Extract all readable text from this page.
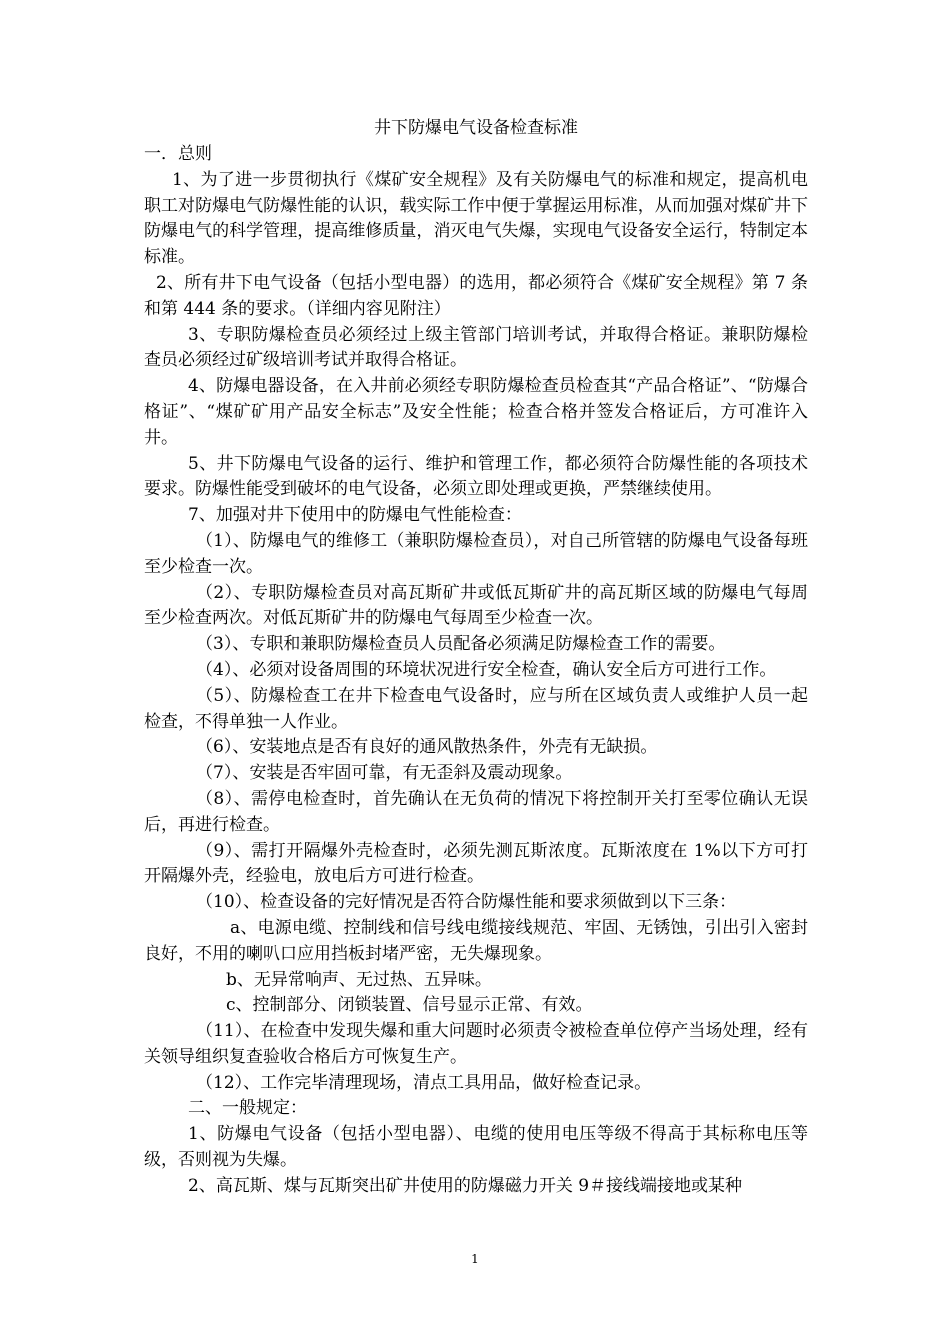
井下防爆电气设备检查标准

一．总则

1、为了进一步贯彻执行《煤矿安全规程》及有关防爆电气的标准和规定，提高机电职工对防爆电气防爆性能的认识，载实际工作中便于掌握运用标准，从而加强对煤矿井下防爆电气的科学管理，提高维修质量，消灭电气失爆，实现电气设备安全运行，特制定本标准。

2、所有井下电气设备（包括小型电器）的选用，都必须符合《煤矿安全规程》第 7 条和第 444 条的要求。（详细内容见附注）

3、专职防爆检查员必须经过上级主管部门培训考试，并取得合格证。兼职防爆检查员必须经过矿级培训考试并取得合格证。

4、防爆电器设备，在入井前必须经专职防爆检查员检查其“产品合格证”、“防爆合格证”、“煤矿矿用产品安全标志”及安全性能；检查合格并签发合格证后，方可准许入井。

5、井下防爆电气设备的运行、维护和管理工作，都必须符合防爆性能的各项技术要求。防爆性能受到破坏的电气设备，必须立即处理或更换，严禁继续使用。

7、加强对井下使用中的防爆电气性能检查：

（1）、防爆电气的维修工（兼职防爆检查员），对自己所管辖的防爆电气设备每班至少检查一次。

（2）、专职防爆检查员对高瓦斯矿井或低瓦斯矿井的高瓦斯区域的防爆电气每周至少检查两次。对低瓦斯矿井的防爆电气每周至少检查一次。

（3）、专职和兼职防爆检查员人员配备必须满足防爆检查工作的需要。

（4）、必须对设备周围的环境状况进行安全检查，确认安全后方可进行工作。

（5）、防爆检查工在井下检查电气设备时，应与所在区域负责人或维护人员一起检查，不得单独一人作业。

（6）、安装地点是否有良好的通风散热条件，外壳有无缺损。

（7）、安装是否牢固可靠，有无歪斜及震动现象。

（8）、需停电检查时，首先确认在无负荷的情况下将控制开关打至零位确认无误后，再进行检查。

（9）、需打开隔爆外壳检查时，必须先测瓦斯浓度。瓦斯浓度在 1%以下方可打开隔爆外壳，经验电，放电后方可进行检查。

（10）、检查设备的完好情况是否符合防爆性能和要求须做到以下三条：

a、电源电缆、控制线和信号线电缆接线规范、牢固、无锈蚀，引出引入密封良好，不用的喇叭口应用挡板封堵严密，无失爆现象。

b、无异常响声、无过热、五异味。

c、控制部分、闭锁装置、信号显示正常、有效。

（11）、在检查中发现失爆和重大问题时必须责令被检查单位停产当场处理，经有关领导组织复查验收合格后方可恢复生产。

（12）、工作完毕清理现场，清点工具用品，做好检查记录。

二、一般规定：

1、防爆电气设备（包括小型电器）、电缆的使用电压等级不得高于其标称电压等级，否则视为失爆。

2、高瓦斯、煤与瓦斯突出矿井使用的防爆磁力开关 9＃接线端接地或某种

1
